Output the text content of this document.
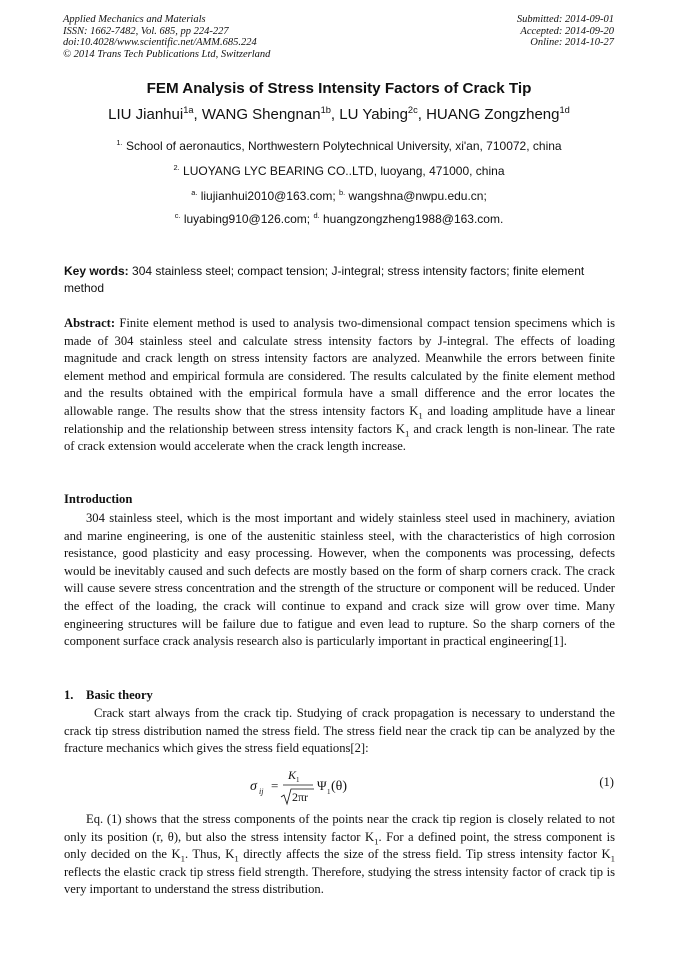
Applied Mechanics and Materials
ISSN: 1662-7482, Vol. 685, pp 224-227
doi:10.4028/www.scientific.net/AMM.685.224
© 2014 Trans Tech Publications Ltd, Switzerland
Submitted: 2014-09-01
Accepted: 2014-09-20
Online: 2014-10-27
FEM Analysis of Stress Intensity Factors of Crack Tip
LIU Jianhui$^{1a}$, WANG Shengnan$^{1b}$, LU Yabing$^{2c}$, HUANG Zongzheng$^{1d}$
$^{1.}$ School of aeronautics, Northwestern Polytechnical University, xi'an, 710072, china
$^{2.}$ LUOYANG LYC BEARING CO..LTD, luoyang, 471000, china
$^{a.}$ liujianhui2010@163.com; $^{b.}$ wangshna@nwpu.edu.cn;
$^{c.}$ luyabing910@126.com; $^{d.}$ huangzongzheng1988@163.com.
Key words: 304 stainless steel; compact tension; J-integral; stress intensity factors; finite element method
Abstract: Finite element method is used to analysis two-dimensional compact tension specimens which is made of 304 stainless steel and calculate stress intensity factors by J-integral. The effects of loading magnitude and crack length on stress intensity factors are analyzed. Meanwhile the errors between finite element method and empirical formula are considered. The results calculated by the finite element method and the results obtained with the empirical formula have a small difference and the error locates the allowable range. The results show that the stress intensity factors $K_1$ and loading amplitude have a linear relationship and the relationship between stress intensity factors $K_1$ and crack length is non-linear. The rate of crack extension would accelerate when the crack length increase.
Introduction
304 stainless steel, which is the most important and widely stainless steel used in machinery, aviation and marine engineering, is one of the austenitic stainless steel, with the characteristics of high corrosion resistance, good plasticity and easy processing. However, when the components was processing, defects would be inevitably caused and such defects are mostly based on the form of sharp corners crack. The crack will cause severe stress concentration and the strength of the structure or component will be reduced. Under the effect of the loading, the crack will continue to expand and crack size will grow over time. Many engineering structures will be failure due to fatigue and even lead to rupture. So the sharp corners of the component surface crack analysis research also is particularly important in practical engineering[1].
1.    Basic theory
Crack start always from the crack tip. Studying of crack propagation is necessary to understand the crack tip stress distribution named the stress field. The stress field near the crack tip can be analyzed by the fracture mechanics which gives the stress field equations[2]:
σ ij =
K 1
2πr
Ψ 1 (θ)	(1)
Eq. (1) shows that the stress components of the points near the crack tip region is closely related to not only its position (r, θ), but also the stress intensity factor $K_1$. For a defined point, the stress component is only decided on the $K_1$. Thus, $K_1$ directly affects the size of the stress field. Tip stress intensity factor $K_1$ reflects the elastic crack tip stress field strength. Therefore, studying the stress intensity factor of crack tip is very important to understand the stress distribution.
